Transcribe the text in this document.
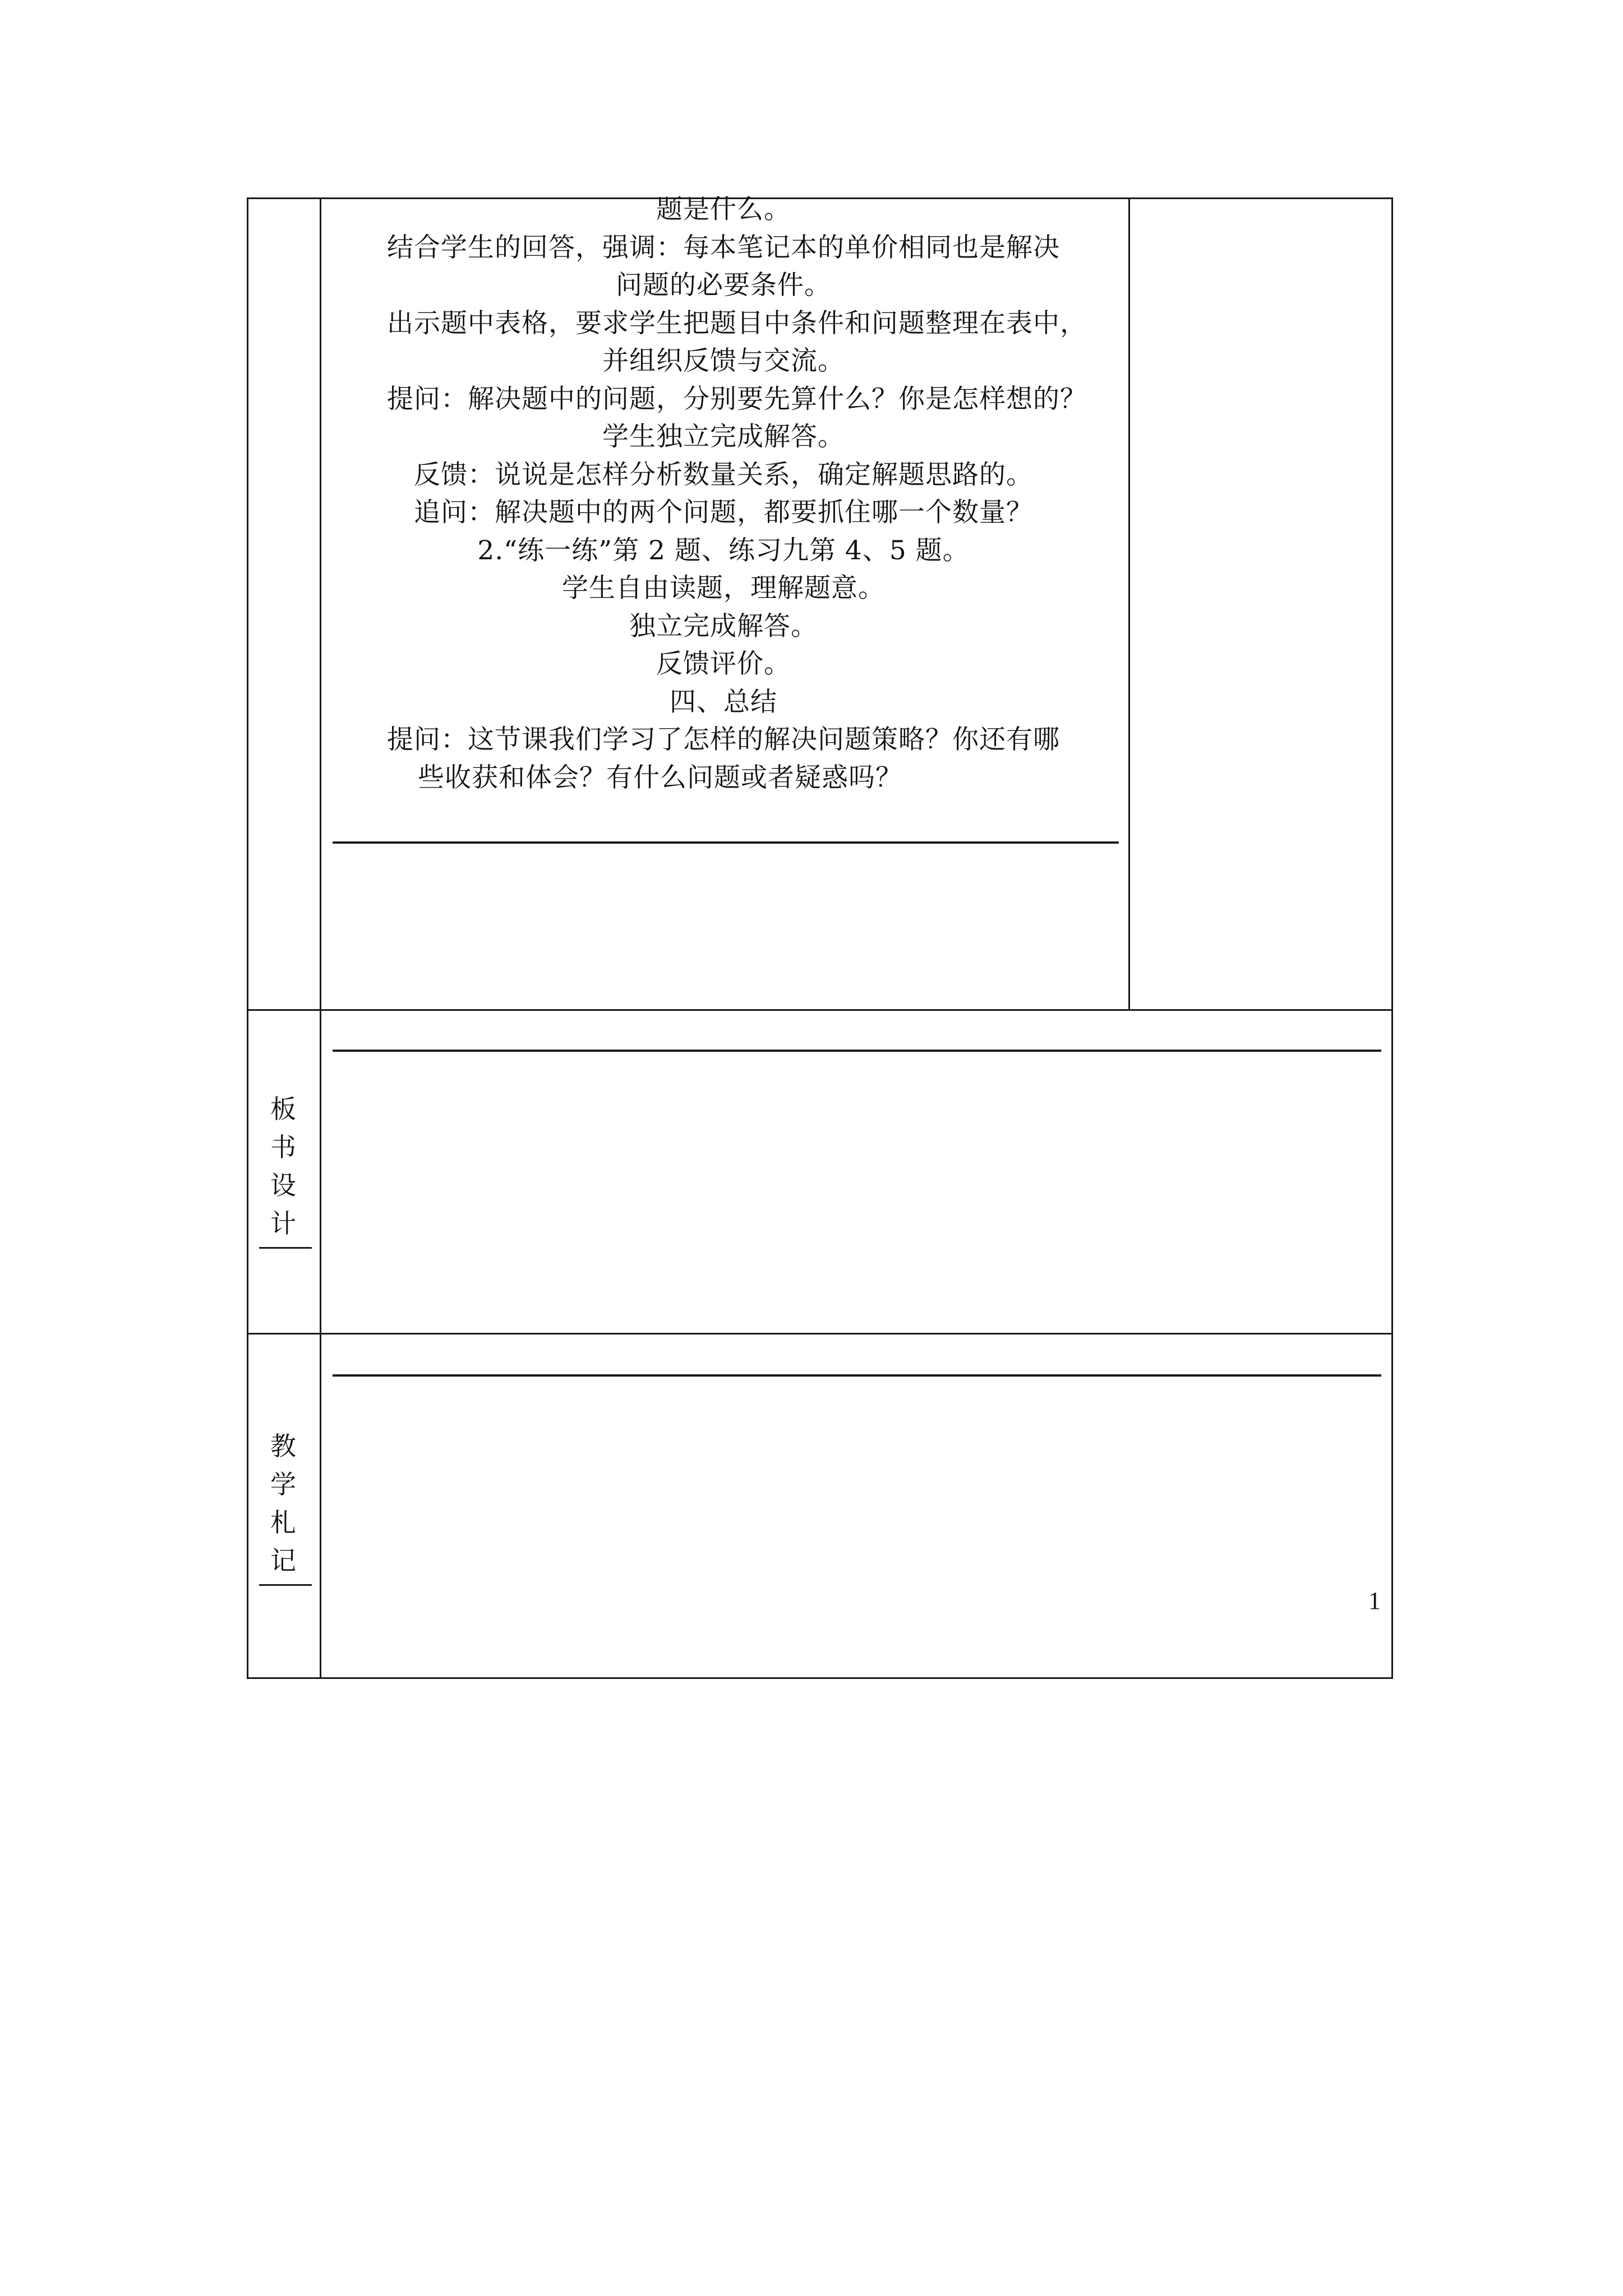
题是什么。
结合学生的回答，强调：每本笔记本的单价相同也是解决
问题的必要条件。
出示题中表格，要求学生把题目中条件和问题整理在表中，
并组织反馈与交流。
提问：解决题中的问题，分别要先算什么？你是怎样想的？
学生独立完成解答。
反馈：说说是怎样分析数量关系，确定解题思路的。
追问：解决题中的两个问题，都要抓住哪一个数量？
2.“练一练”第 2 题、练习九第 4、5 题。
学生自由读题，理解题意。
独立完成解答。
反馈评价。
四、总结
提问：这节课我们学习了怎样的解决问题策略？你还有哪
些收获和体会？有什么问题或者疑惑吗？
板
书
设
计
教
学
札
记
1
